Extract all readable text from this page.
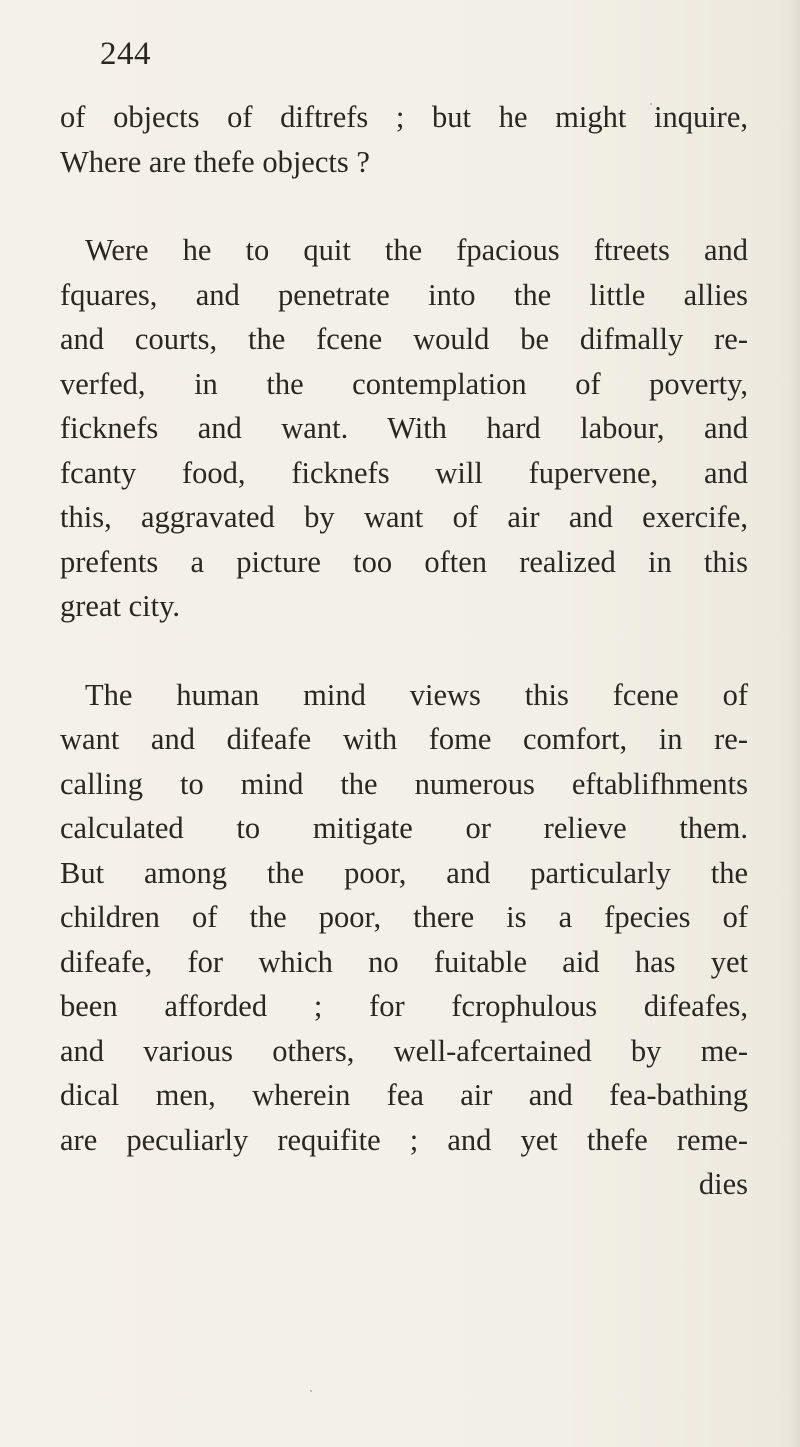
244
of objects of diftrefs ; but he might inquire,
Where are thefe objects ?
Were he to quit the fpacious ftreets and
fquares, and penetrate into the little allies
and courts, the fcene would be difmally re-
verfed, in the contemplation of poverty,
ficknefs and want. With hard labour, and
fcanty food, ficknefs will fupervene, and
this, aggravated by want of air and exercife,
prefents a picture too often realized in this
great city.
The human mind views this fcene of
want and difeafe with fome comfort, in re-
calling to mind the numerous eftablifhments
calculated to mitigate or relieve them.
But among the poor, and particularly the
children of the poor, there is a fpecies of
difeafe, for which no fuitable aid has yet
been afforded ; for fcrophulous difeafes,
and various others, well-afcertained by me-
dical men, wherein fea air and fea-bathing
are peculiarly requifite ; and yet thefe reme-
dies
